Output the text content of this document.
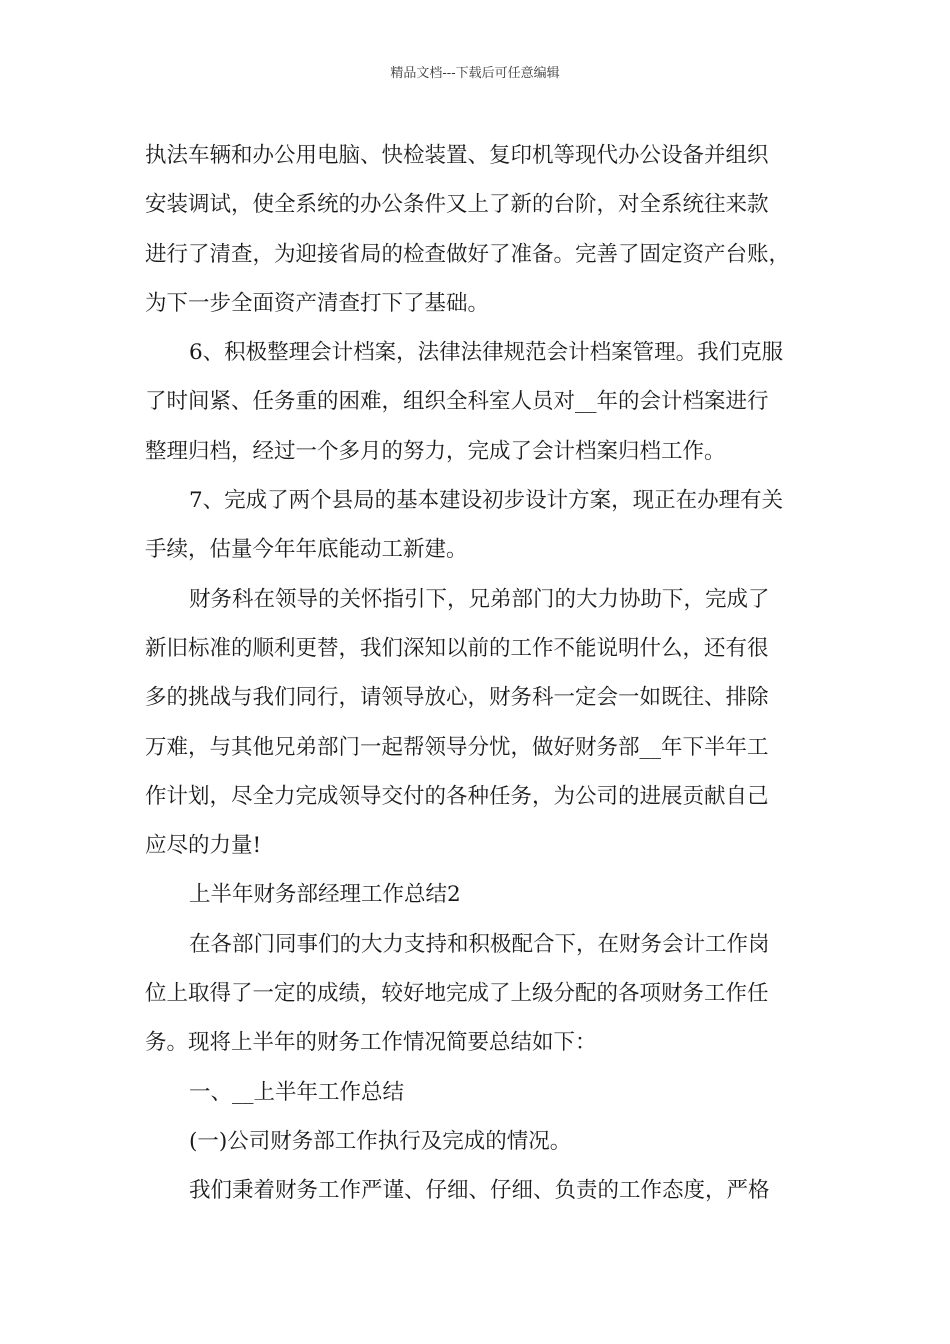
精品文档---下载后可任意编辑
执法车辆和办公用电脑、快检装置、复印机等现代办公设备并组织
安装调试，使全系统的办公条件又上了新的台阶，对全系统往来款
进行了清查，为迎接省局的检查做好了准备。完善了固定资产台账，
为下一步全面资产清查打下了基础。
6、积极整理会计档案，法律法律规范会计档案管理。我们克服
了时间紧、任务重的困难，组织全科室人员对__年的会计档案进行
整理归档，经过一个多月的努力，完成了会计档案归档工作。
7、完成了两个县局的基本建设初步设计方案，现正在办理有关
手续，估量今年年底能动工新建。
财务科在领导的关怀指引下，兄弟部门的大力协助下，完成了
新旧标准的顺利更替，我们深知以前的工作不能说明什么，还有很
多的挑战与我们同行，请领导放心，财务科一定会一如既往、排除
万难，与其他兄弟部门一起帮领导分忧，做好财务部__年下半年工
作计划，尽全力完成领导交付的各种任务，为公司的进展贡献自己
应尽的力量!
上半年财务部经理工作总结2
在各部门同事们的大力支持和积极配合下，在财务会计工作岗
位上取得了一定的成绩，较好地完成了上级分配的各项财务工作任
务。现将上半年的财务工作情况简要总结如下：
一、__上半年工作总结
(一)公司财务部工作执行及完成的情况。
我们秉着财务工作严谨、仔细、仔细、负责的工作态度，严格
